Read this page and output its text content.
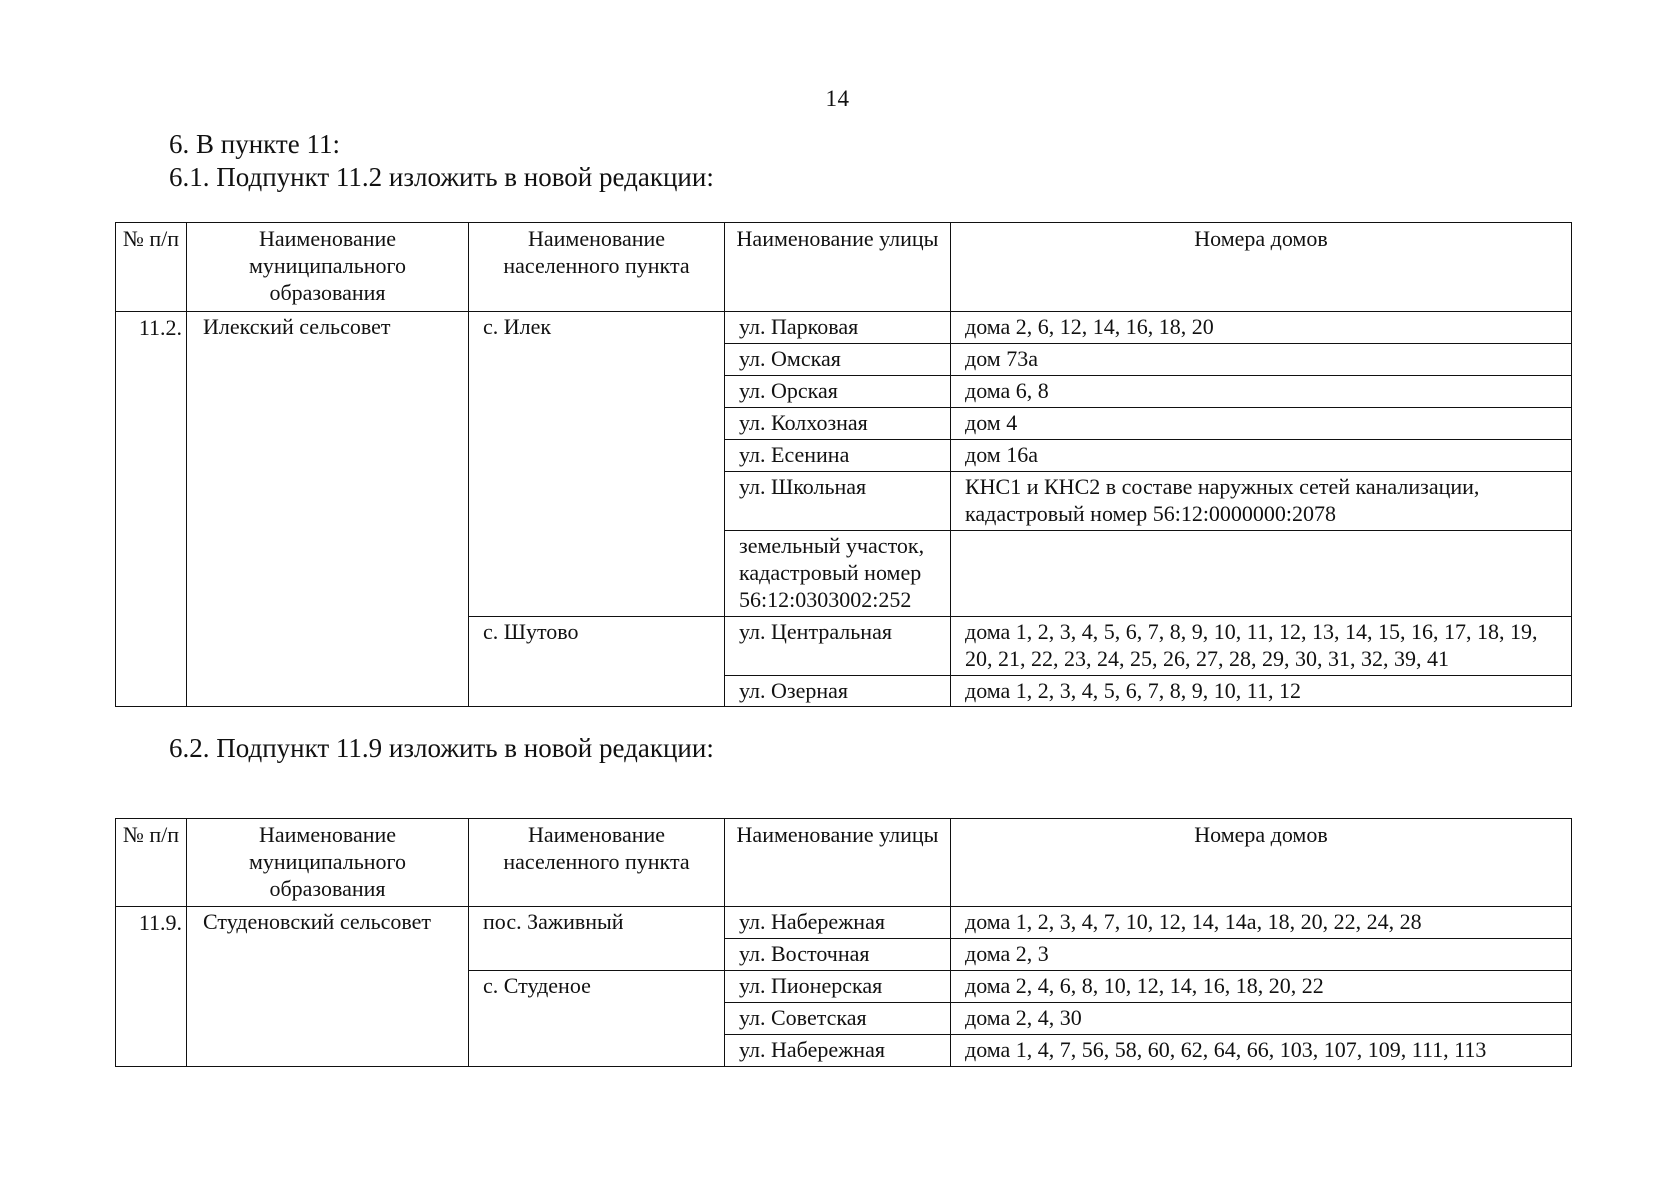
14
6. В пункте 11:
6.1. Подпункт 11.2 изложить в новой редакции:
№ п/п	Наименование муниципального образования	Наименование населенного пункта	Наименование улицы	Номера домов
11.2.	Илекский сельсовет	с. Илек	ул. Парковая	дома 2, 6, 12, 14, 16, 18, 20
			ул. Омская	дом 73а
			ул. Орская	дома 6, 8
			ул. Колхозная	дом 4
			ул. Есенина	дом 16а
			ул. Школьная	КНС1 и КНС2 в составе наружных сетей канализации, кадастровый номер 56:12:0000000:2078
			земельный участок, кадастровый номер 56:12:0303002:252	
		с. Шутово	ул. Центральная	дома 1, 2, 3, 4, 5, 6, 7, 8, 9, 10, 11, 12, 13, 14, 15, 16, 17, 18, 19, 20, 21, 22, 23, 24, 25, 26, 27, 28, 29, 30, 31, 32, 39, 41
			ул. Озерная	дома 1, 2, 3, 4, 5, 6, 7, 8, 9, 10, 11, 12
6.2. Подпункт 11.9 изложить в новой редакции:
№ п/п	Наименование муниципального образования	Наименование населенного пункта	Наименование улицы	Номера домов
11.9.	Студеновский сельсовет	пос. Заживный	ул. Набережная	дома 1, 2, 3, 4, 7, 10, 12, 14, 14а, 18, 20, 22, 24, 28
			ул. Восточная	дома 2, 3
		с. Студеное	ул. Пионерская	дома 2, 4, 6, 8, 10, 12, 14, 16, 18, 20, 22
			ул. Советская	дома 2, 4, 30
			ул. Набережная	дома 1, 4, 7, 56, 58, 60, 62, 64, 66, 103, 107, 109, 111, 113
